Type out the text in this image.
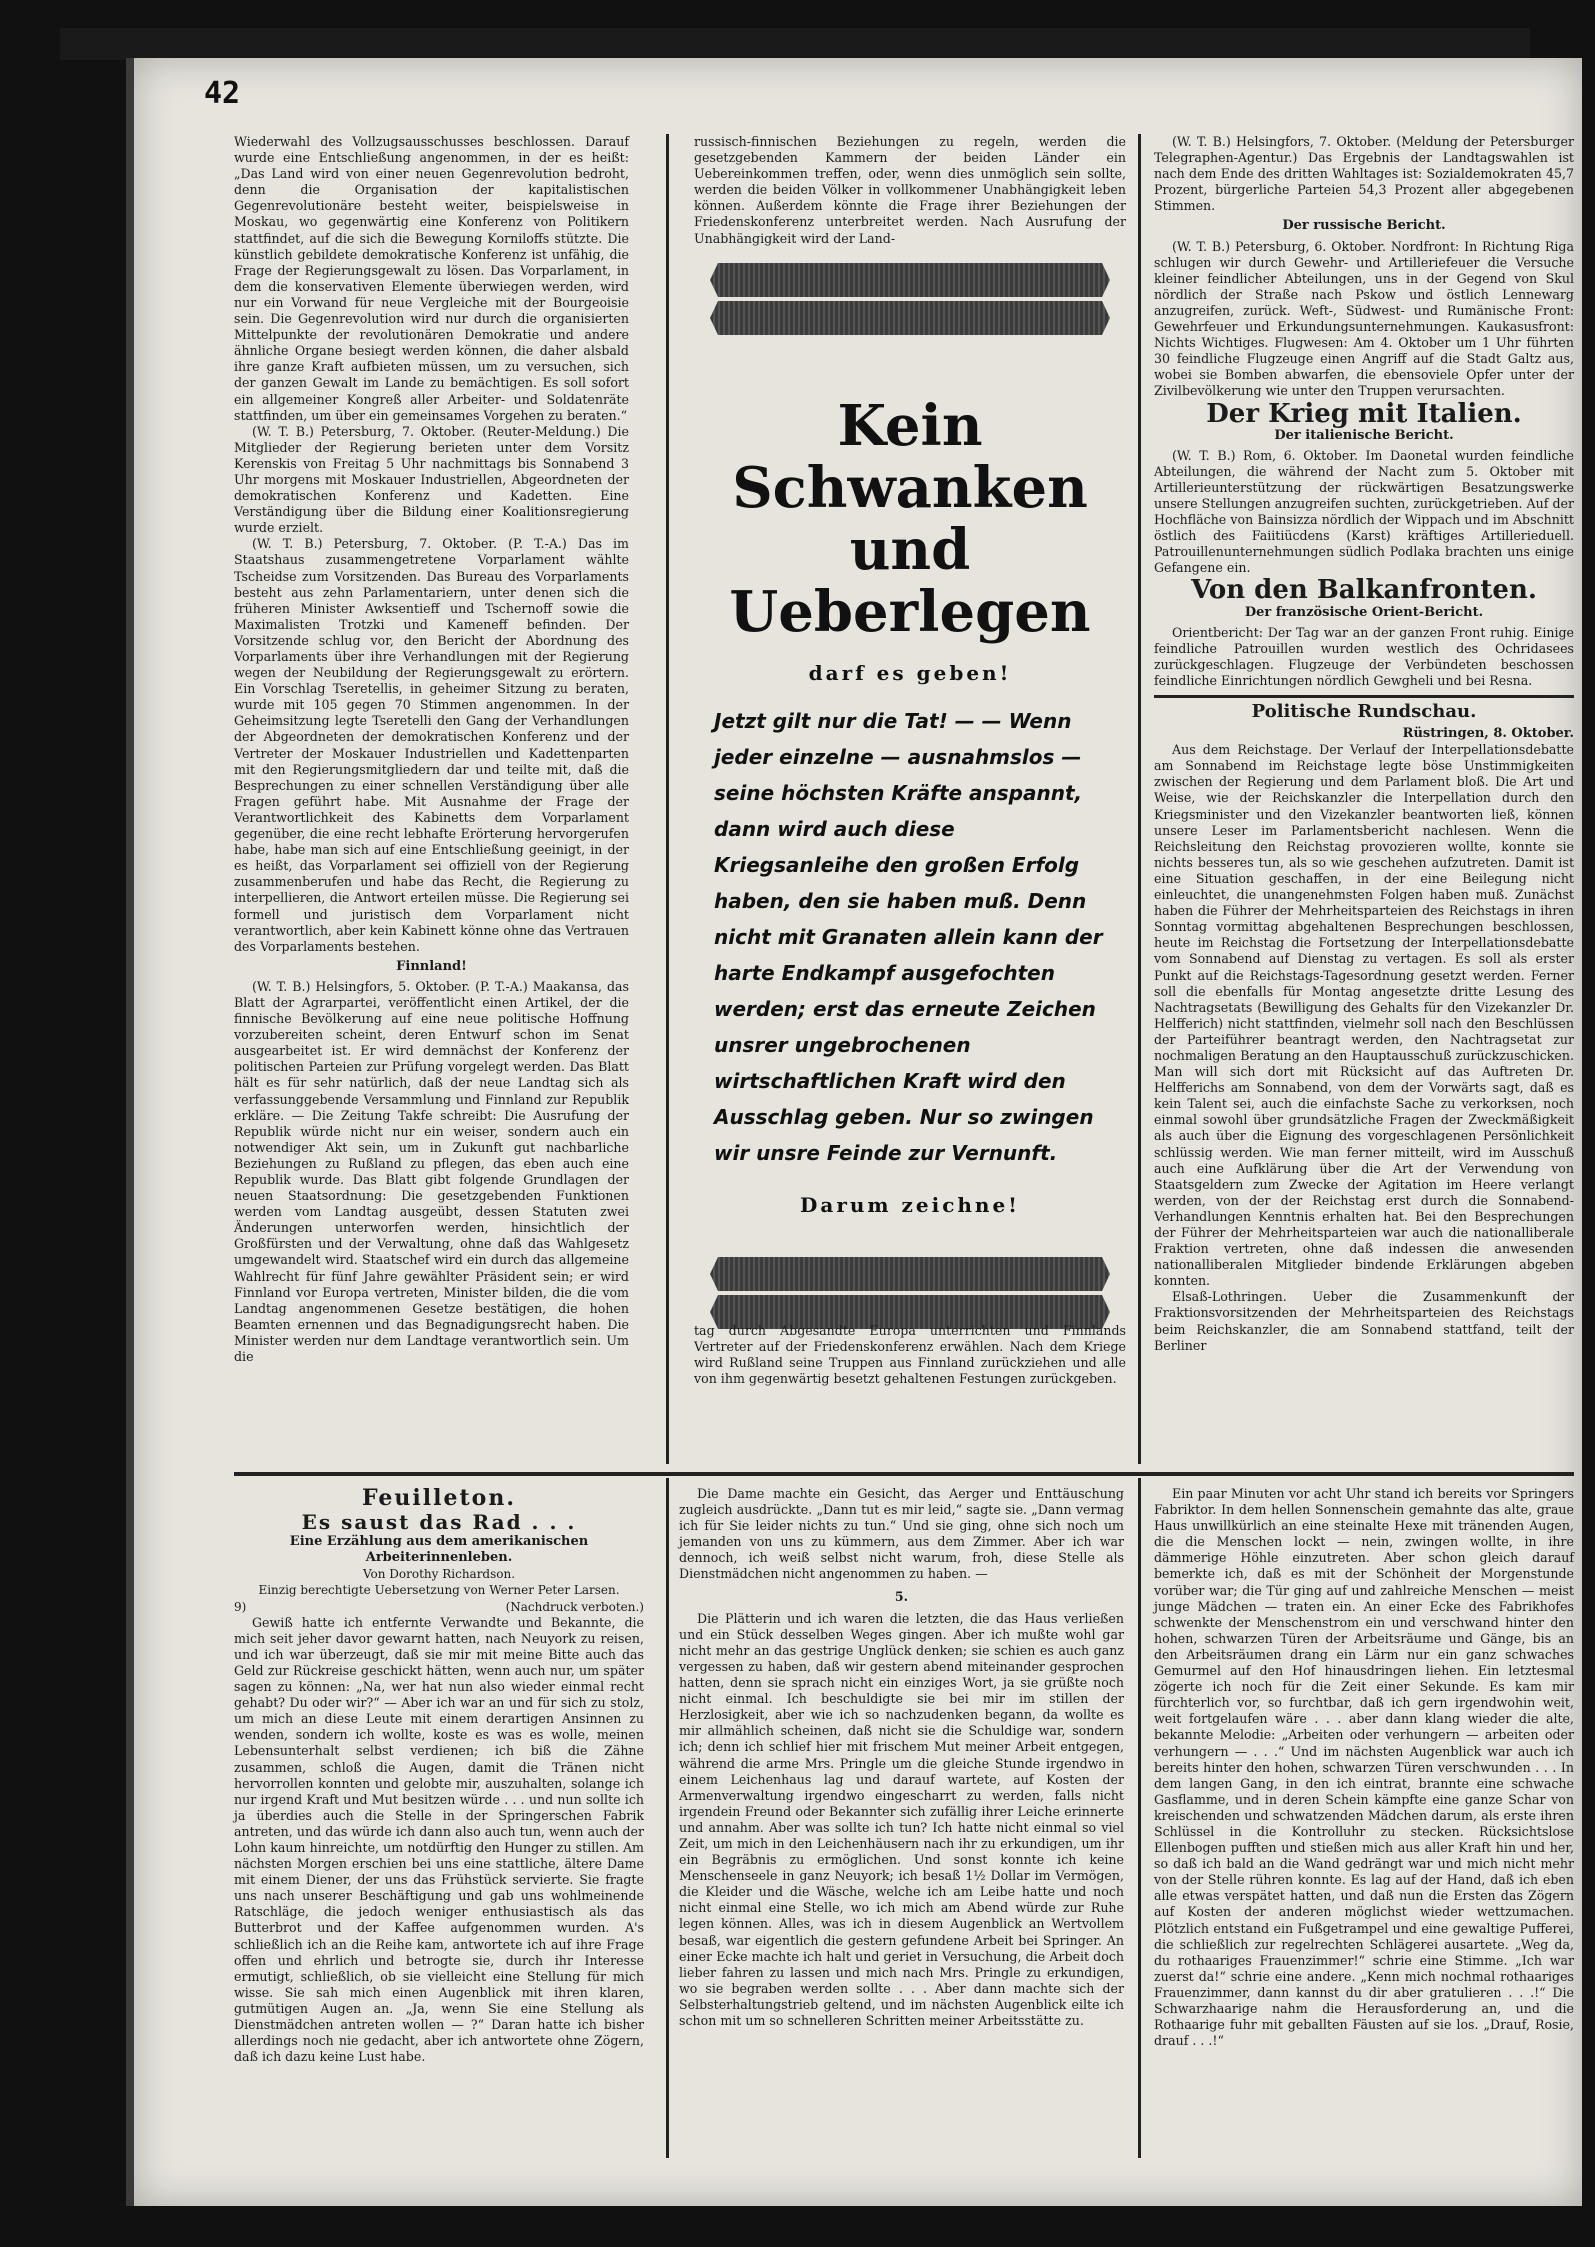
42

Wiederwahl des Vollzugsausschusses beschlossen. Darauf wurde eine Entschließung angenommen, in der es heißt: „Das Land wird von einer neuen Gegenrevolution bedroht, denn die Organisation der kapitalistischen Gegenrevolutionäre besteht weiter, beispielsweise in Moskau, wo gegenwärtig eine Konferenz von Politikern stattfindet, auf die sich die Bewegung Korniloffs stützte. Die künstlich gebildete demokratische Konferenz ist unfähig, die Frage der Regierungsgewalt zu lösen. Das Vorparlament, in dem die konservativen Elemente überwiegen werden, wird nur ein Vorwand für neue Vergleiche mit der Bourgeoisie sein. Die Gegenrevolution wird nur durch die organisierten Mittelpunkte der revolutionären Demokratie und andere ähnliche Organe besiegt werden können, die daher alsbald ihre ganze Kraft aufbieten müssen, um zu versuchen, sich der ganzen Gewalt im Lande zu bemächtigen. Es soll sofort ein allgemeiner Kongreß aller Arbeiter- und Soldatenräte stattfinden, um über ein gemeinsames Vorgehen zu beraten.“

(W. T. B.) Petersburg, 7. Oktober. (Reuter-Meldung.) Die Mitglieder der Regierung berieten unter dem Vorsitz Kerenskis von Freitag 5 Uhr nachmittags bis Sonnabend 3 Uhr morgens mit Moskauer Industriellen, Abgeordneten der demokratischen Konferenz und Kadetten. Eine Verständigung über die Bildung einer Koalitionsregierung wurde erzielt.

(W. T. B.) Petersburg, 7. Oktober. (P. T.-A.) Das im Staatshaus zusammengetretene Vorparlament wählte Tscheidse zum Vorsitzenden. Das Bureau des Vorparlaments besteht aus zehn Parlamentariern, unter denen sich die früheren Minister Awksentieff und Tschernoff sowie die Maximalisten Trotzki und Kameneff befinden. Der Vorsitzende schlug vor, den Bericht der Abordnung des Vorparlaments über ihre Verhandlungen mit der Regierung wegen der Neubildung der Regierungsgewalt zu erörtern. Ein Vorschlag Tseretellis, in geheimer Sitzung zu beraten, wurde mit 105 gegen 70 Stimmen angenommen. In der Geheimsitzung legte Tseretelli den Gang der Verhandlungen der Abgeordneten der demokratischen Konferenz und der Vertreter der Moskauer Industriellen und Kadettenparten mit den Regierungsmitgliedern dar und teilte mit, daß die Besprechungen zu einer schnellen Verständigung über alle Fragen geführt habe. Mit Ausnahme der Frage der Verantwortlichkeit des Kabinetts dem Vorparlament gegenüber, die eine recht lebhafte Erörterung hervorgerufen habe, habe man sich auf eine Entschließung geeinigt, in der es heißt, das Vorparlament sei offiziell von der Regierung zusammenberufen und habe das Recht, die Regierung zu interpellieren, die Antwort erteilen müsse. Die Regierung sei formell und juristisch dem Vorparlament nicht verantwortlich, aber kein Kabinett könne ohne das Vertrauen des Vorparlaments bestehen.

Finnland!

(W. T. B.) Helsingfors, 5. Oktober. (P. T.-A.) Maakansa, das Blatt der Agrarpartei, veröffentlicht einen Artikel, der die finnische Bevölkerung auf eine neue politische Hoffnung vorzubereiten scheint, deren Entwurf schon im Senat ausgearbeitet ist. Er wird demnächst der Konferenz der politischen Parteien zur Prüfung vorgelegt werden. Das Blatt hält es für sehr natürlich, daß der neue Landtag sich als verfassunggebende Versammlung und Finnland zur Republik erkläre. — Die Zeitung Takfe schreibt: Die Ausrufung der Republik würde nicht nur ein weiser, sondern auch ein notwendiger Akt sein, um in Zukunft gut nachbarliche Beziehungen zu Rußland zu pflegen, das eben auch eine Republik wurde. Das Blatt gibt folgende Grundlagen der neuen Staatsordnung: Die gesetzgebenden Funktionen werden vom Landtag ausgeübt, dessen Statuten zwei Änderungen unterworfen werden, hinsichtlich der Großfürsten und der Verwaltung, ohne daß das Wahlgesetz umgewandelt wird. Staatschef wird ein durch das allgemeine Wahlrecht für fünf Jahre gewählter Präsident sein; er wird Finnland vor Europa vertreten, Minister bilden, die die vom Landtag angenommenen Gesetze bestätigen, die hohen Beamten ernennen und das Begnadigungsrecht haben. Die Minister werden nur dem Landtage verantwortlich sein. Um die

russisch-finnischen Beziehungen zu regeln, werden die gesetzgebenden Kammern der beiden Länder ein Uebereinkommen treffen, oder, wenn dies unmöglich sein sollte, werden die beiden Völker in vollkommener Unabhängigkeit leben können. Außerdem könnte die Frage ihrer Beziehungen der Friedenskonferenz unterbreitet werden. Nach Ausrufung der Unabhängigkeit wird der Land-

Kein Schwanken und Ueberlegen
darf es geben!
Jetzt gilt nur die Tat! — — Wenn jeder einzelne — ausnahmslos — seine höchsten Kräfte anspannt, dann wird auch diese Kriegsanleihe den großen Erfolg haben, den sie haben muß. Denn nicht mit Granaten allein kann der harte Endkampf ausgefochten werden; erst das erneute Zeichen unsrer ungebrochenen wirtschaftlichen Kraft wird den Ausschlag geben. Nur so zwingen wir unsre Feinde zur Vernunft.
Darum zeichne!

tag durch Abgesandte Europa unterrichten und Finnlands Vertreter auf der Friedenskonferenz erwählen. Nach dem Kriege wird Rußland seine Truppen aus Finnland zurückziehen und alle von ihm gegenwärtig besetzt gehaltenen Festungen zurückgeben.

(W. T. B.) Helsingfors, 7. Oktober. (Meldung der Petersburger Telegraphen-Agentur.) Das Ergebnis der Landtagswahlen ist nach dem Ende des dritten Wahltages ist: Sozialdemokraten 45,7 Prozent, bürgerliche Parteien 54,3 Prozent aller abgegebenen Stimmen.

Der russische Bericht.

(W. T. B.) Petersburg, 6. Oktober. Nordfront: In Richtung Riga schlugen wir durch Gewehr- und Artilleriefeuer die Versuche kleiner feindlicher Abteilungen, uns in der Gegend von Skul nördlich der Straße nach Pskow und östlich Lennewarg anzugreifen, zurück. Weft-, Südwest- und Rumänische Front: Gewehrfeuer und Erkundungsunternehmungen. Kaukasusfront: Nichts Wichtiges. Flugwesen: Am 4. Oktober um 1 Uhr führten 30 feindliche Flugzeuge einen Angriff auf die Stadt Galtz aus, wobei sie Bomben abwarfen, die ebensoviele Opfer unter der Zivilbevölkerung wie unter den Truppen verursachten.

Der Krieg mit Italien.
Der italienische Bericht.

(W. T. B.) Rom, 6. Oktober. Im Daonetal wurden feindliche Abteilungen, die während der Nacht zum 5. Oktober mit Artillerieunterstützung der rückwärtigen Besatzungswerke unsere Stellungen anzugreifen suchten, zurückgetrieben. Auf der Hochfläche von Bainsizza nördlich der Wippach und im Abschnitt östlich des Faiitiücdens (Karst) kräftiges Artillerieduell. Patrouillenunternehmungen südlich Podlaka brachten uns einige Gefangene ein.

Von den Balkanfronten.
Der französische Orient-Bericht.

Orientbericht: Der Tag war an der ganzen Front ruhig. Einige feindliche Patrouillen wurden westlich des Ochridasees zurückgeschlagen. Flugzeuge der Verbündeten beschossen feindliche Einrichtungen nördlich Gewgheli und bei Resna.

Politische Rundschau.
Rüstringen, 8. Oktober.

Aus dem Reichstage. Der Verlauf der Interpellationsdebatte am Sonnabend im Reichstage legte böse Unstimmigkeiten zwischen der Regierung und dem Parlament bloß. Die Art und Weise, wie der Reichskanzler die Interpellation durch den Kriegsminister und den Vizekanzler beantworten ließ, können unsere Leser im Parlamentsbericht nachlesen. Wenn die Reichsleitung den Reichstag provozieren wollte, konnte sie nichts besseres tun, als so wie geschehen aufzutreten. Damit ist eine Situation geschaffen, in der eine Beilegung nicht einleuchtet, die unangenehmsten Folgen haben muß. Zunächst haben die Führer der Mehrheitsparteien des Reichstags in ihren Sonntag vormittag abgehaltenen Besprechungen beschlossen, heute im Reichstag die Fortsetzung der Interpellationsdebatte vom Sonnabend auf Dienstag zu vertagen. Es soll als erster Punkt auf die Reichstags-Tagesordnung gesetzt werden. Ferner soll die ebenfalls für Montag angesetzte dritte Lesung des Nachtragsetats (Bewilligung des Gehalts für den Vizekanzler Dr. Helfferich) nicht stattfinden, vielmehr soll nach den Beschlüssen der Parteiführer beantragt werden, den Nachtragsetat zur nochmaligen Beratung an den Hauptausschuß zurückzuschicken. Man will sich dort mit Rücksicht auf das Auftreten Dr. Helfferichs am Sonnabend, von dem der Vorwärts sagt, daß es kein Talent sei, auch die einfachste Sache zu verkorksen, noch einmal sowohl über grundsätzliche Fragen der Zweckmäßigkeit als auch über die Eignung des vorgeschlagenen Persönlichkeit schlüssig werden. Wie man ferner mitteilt, wird im Ausschuß auch eine Aufklärung über die Art der Verwendung von Staatsgeldern zum Zwecke der Agitation im Heere verlangt werden, von der der Reichstag erst durch die Sonnabend-Verhandlungen Kenntnis erhalten hat. Bei den Besprechungen der Führer der Mehrheitsparteien war auch die nationalliberale Fraktion vertreten, ohne daß indessen die anwesenden nationalliberalen Mitglieder bindende Erklärungen abgeben konnten.

Elsaß-Lothringen. Ueber die Zusammenkunft der Fraktionsvorsitzenden der Mehrheitsparteien des Reichstags beim Reichskanzler, die am Sonnabend stattfand, teilt der Berliner

Feuilleton.
Es saust das Rad . . .
Eine Erzählung aus dem amerikanischen Arbeiterinnenleben.
Von Dorothy Richardson.
Einzig berechtigte Uebersetzung von Werner Peter Larsen.
9)	(Nachdruck verboten.)

Gewiß hatte ich entfernte Verwandte und Bekannte, die mich seit jeher davor gewarnt hatten, nach Neuyork zu reisen, und ich war überzeugt, daß sie mir mit meine Bitte auch das Geld zur Rückreise geschickt hätten, wenn auch nur, um später sagen zu können: „Na, wer hat nun also wieder einmal recht gehabt? Du oder wir?“ — Aber ich war an und für sich zu stolz, um mich an diese Leute mit einem derartigen Ansinnen zu wenden, sondern ich wollte, koste es was es wolle, meinen Lebensunterhalt selbst verdienen; ich biß die Zähne zusammen, schloß die Augen, damit die Tränen nicht hervorrollen konnten und gelobte mir, auszuhalten, solange ich nur irgend Kraft und Mut besitzen würde . . . und nun sollte ich ja überdies auch die Stelle in der Springerschen Fabrik antreten, und das würde ich dann also auch tun, wenn auch der Lohn kaum hinreichte, um notdürftig den Hunger zu stillen. Am nächsten Morgen erschien bei uns eine stattliche, ältere Dame mit einem Diener, der uns das Frühstück servierte. Sie fragte uns nach unserer Beschäftigung und gab uns wohlmeinende Ratschläge, die jedoch weniger enthusiastisch als das Butterbrot und der Kaffee aufgenommen wurden. A's schließlich ich an die Reihe kam, antwortete ich auf ihre Frage offen und ehrlich und betrogte sie, durch ihr Interesse ermutigt, schließlich, ob sie vielleicht eine Stellung für mich wisse. Sie sah mich einen Augenblick mit ihren klaren, gutmütigen Augen an. „Ja, wenn Sie eine Stellung als Dienstmädchen antreten wollen — ?“ Daran hatte ich bisher allerdings noch nie gedacht, aber ich antwortete ohne Zögern, daß ich dazu keine Lust habe.

Die Dame machte ein Gesicht, das Aerger und Enttäuschung zugleich ausdrückte. „Dann tut es mir leid,“ sagte sie. „Dann vermag ich für Sie leider nichts zu tun.“ Und sie ging, ohne sich noch um jemanden von uns zu kümmern, aus dem Zimmer. Aber ich war dennoch, ich weiß selbst nicht warum, froh, diese Stelle als Dienstmädchen nicht angenommen zu haben. —

5.

Die Plätterin und ich waren die letzten, die das Haus verließen und ein Stück desselben Weges gingen. Aber ich mußte wohl gar nicht mehr an das gestrige Unglück denken; sie schien es auch ganz vergessen zu haben, daß wir gestern abend miteinander gesprochen hatten, denn sie sprach nicht ein einziges Wort, ja sie grüßte noch nicht einmal. Ich beschuldigte sie bei mir im stillen der Herzlosigkeit, aber wie ich so nachzudenken begann, da wollte es mir allmählich scheinen, daß nicht sie die Schuldige war, sondern ich; denn ich schlief hier mit frischem Mut meiner Arbeit entgegen, während die arme Mrs. Pringle um die gleiche Stunde irgendwo in einem Leichenhaus lag und darauf wartete, auf Kosten der Armenverwaltung irgendwo eingescharrt zu werden, falls nicht irgendein Freund oder Bekannter sich zufällig ihrer Leiche erinnerte und annahm. Aber was sollte ich tun? Ich hatte nicht einmal so viel Zeit, um mich in den Leichenhäusern nach ihr zu erkundigen, um ihr ein Begräbnis zu ermöglichen. Und sonst konnte ich keine Menschenseele in ganz Neuyork; ich besaß 1½ Dollar im Vermögen, die Kleider und die Wäsche, welche ich am Leibe hatte und noch nicht einmal eine Stelle, wo ich mich am Abend würde zur Ruhe legen können. Alles, was ich in diesem Augenblick an Wertvollem besaß, war eigentlich die gestern gefundene Arbeit bei Springer. An einer Ecke machte ich halt und geriet in Versuchung, die Arbeit doch lieber fahren zu lassen und mich nach Mrs. Pringle zu erkundigen, wo sie begraben werden sollte . . . Aber dann machte sich der Selbsterhaltungstrieb geltend, und im nächsten Augenblick eilte ich schon mit um so schnelleren Schritten meiner Arbeitsstätte zu.

Ein paar Minuten vor acht Uhr stand ich bereits vor Springers Fabriktor. In dem hellen Sonnenschein gemahnte das alte, graue Haus unwillkürlich an eine steinalte Hexe mit tränenden Augen, die die Menschen lockt — nein, zwingen wollte, in ihre dämmerige Höhle einzutreten. Aber schon gleich darauf bemerkte ich, daß es mit der Schönheit der Morgenstunde vorüber war; die Tür ging auf und zahlreiche Menschen — meist junge Mädchen — traten ein. An einer Ecke des Fabrikhofes schwenkte der Menschenstrom ein und verschwand hinter den hohen, schwarzen Türen der Arbeitsräume und Gänge, bis an den Arbeitsräumen drang ein Lärm nur ein ganz schwaches Gemurmel auf den Hof hinausdringen liehen. Ein letztesmal zögerte ich noch für die Zeit einer Sekunde. Es kam mir fürchterlich vor, so furchtbar, daß ich gern irgendwohin weit, weit fortgelaufen wäre . . . aber dann klang wieder die alte, bekannte Melodie: „Arbeiten oder verhungern — arbeiten oder verhungern — . . .“ Und im nächsten Augenblick war auch ich bereits hinter den hohen, schwarzen Türen verschwunden . . . In dem langen Gang, in den ich eintrat, brannte eine schwache Gasflamme, und in deren Schein kämpfte eine ganze Schar von kreischenden und schwatzenden Mädchen darum, als erste ihren Schlüssel in die Kontrolluhr zu stecken. Rücksichtslose Ellenbogen pufften und stießen mich aus aller Kraft hin und her, so daß ich bald an die Wand gedrängt war und mich nicht mehr von der Stelle rühren konnte. Es lag auf der Hand, daß ich eben alle etwas verspätet hatten, und daß nun die Ersten das Zögern auf Kosten der anderen möglichst wieder wettzumachen. Plötzlich entstand ein Fußgetrampel und eine gewaltige Pufferei, die schließlich zur regelrechten Schlägerei ausartete. „Weg da, du rothaariges Frauenzimmer!“ schrie eine Stimme. „Ich war zuerst da!“ schrie eine andere. „Kenn mich nochmal rothaariges Frauenzimmer, dann kannst du dir aber gratulieren . . .!“ Die Schwarzhaarige nahm die Herausforderung an, und die Rothaarige fuhr mit geballten Fäusten auf sie los. „Drauf, Rosie, drauf . . .!“
